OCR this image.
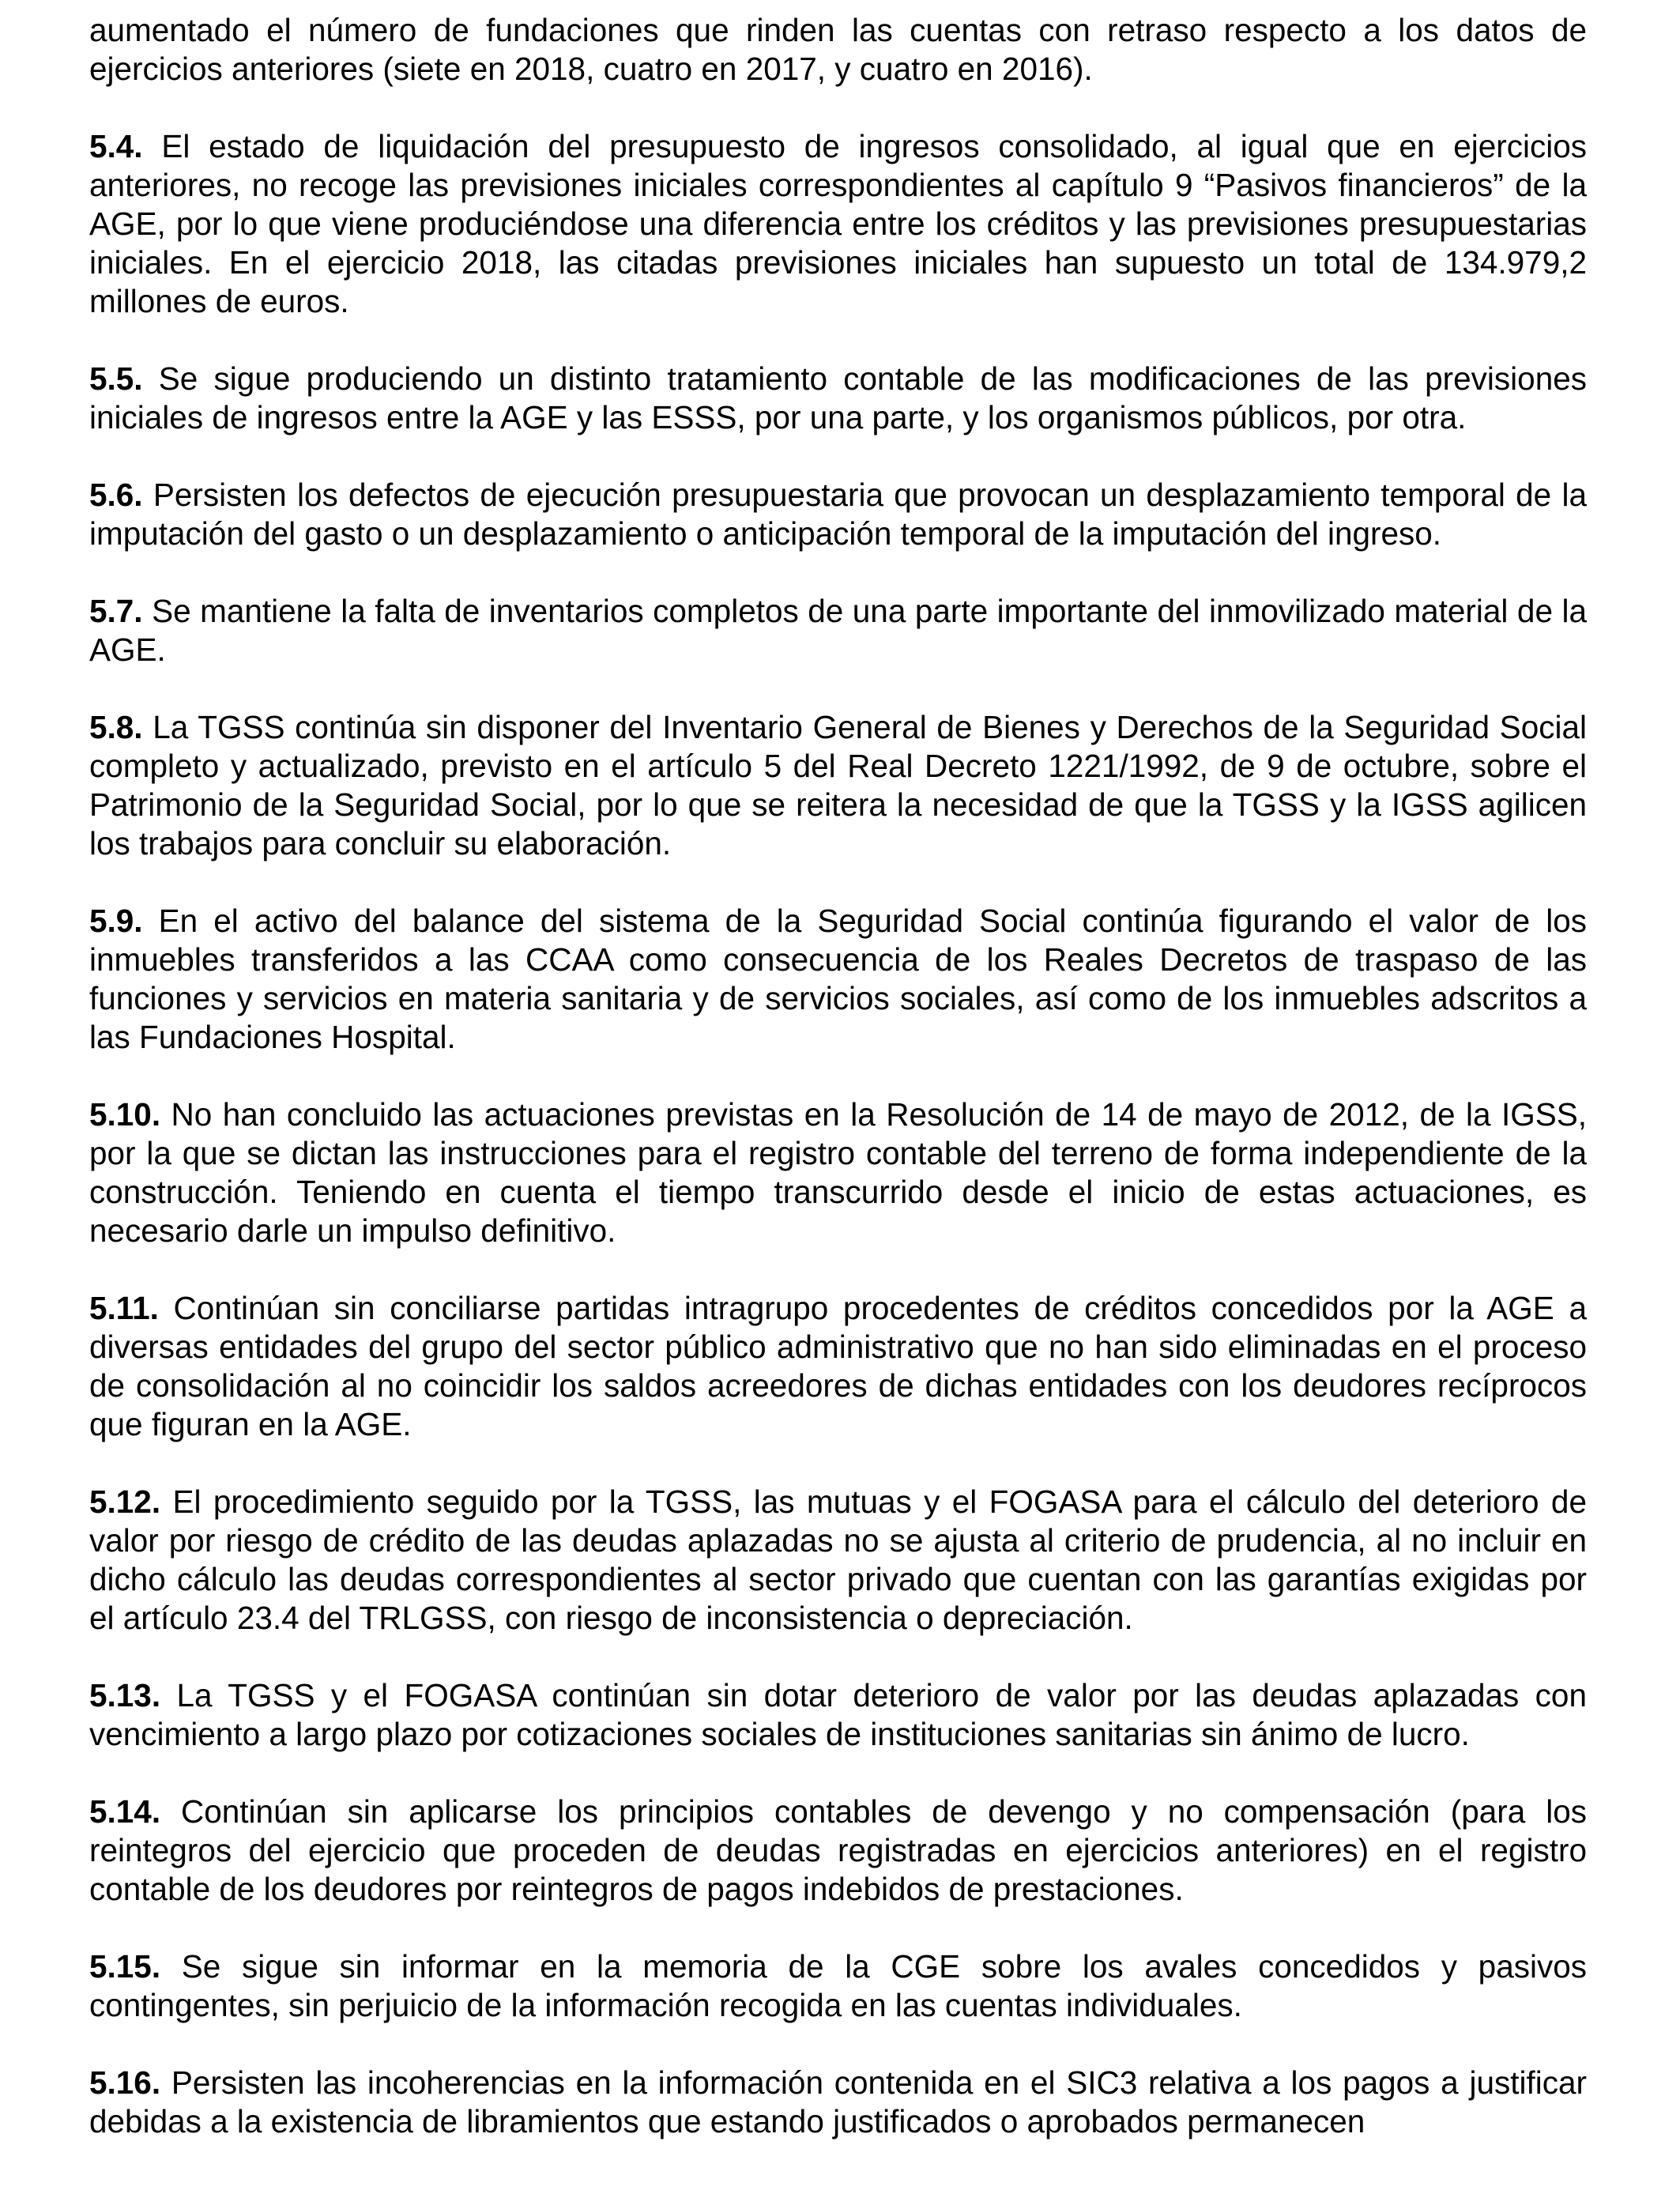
aumentado el número de fundaciones que rinden las cuentas con retraso respecto a los datos de ejercicios anteriores (siete en 2018, cuatro en 2017, y cuatro en 2016).

5.4. El estado de liquidación del presupuesto de ingresos consolidado, al igual que en ejercicios anteriores, no recoge las previsiones iniciales correspondientes al capítulo 9 “Pasivos financieros” de la AGE, por lo que viene produciéndose una diferencia entre los créditos y las previsiones presupuestarias iniciales. En el ejercicio 2018, las citadas previsiones iniciales han supuesto un total de 134.979,2 millones de euros.

5.5. Se sigue produciendo un distinto tratamiento contable de las modificaciones de las previsiones iniciales de ingresos entre la AGE y las ESSS, por una parte, y los organismos públicos, por otra.

5.6. Persisten los defectos de ejecución presupuestaria que provocan un desplazamiento temporal de la imputación del gasto o un desplazamiento o anticipación temporal de la imputación del ingreso.

5.7. Se mantiene la falta de inventarios completos de una parte importante del inmovilizado material de la AGE.

5.8. La TGSS continúa sin disponer del Inventario General de Bienes y Derechos de la Seguridad Social completo y actualizado, previsto en el artículo 5 del Real Decreto 1221/1992, de 9 de octubre, sobre el Patrimonio de la Seguridad Social, por lo que se reitera la necesidad de que la TGSS y la IGSS agilicen los trabajos para concluir su elaboración.

5.9. En el activo del balance del sistema de la Seguridad Social continúa figurando el valor de los inmuebles transferidos a las CCAA como consecuencia de los Reales Decretos de traspaso de las funciones y servicios en materia sanitaria y de servicios sociales, así como de los inmuebles adscritos a las Fundaciones Hospital.

5.10. No han concluido las actuaciones previstas en la Resolución de 14 de mayo de 2012, de la IGSS, por la que se dictan las instrucciones para el registro contable del terreno de forma independiente de la construcción. Teniendo en cuenta el tiempo transcurrido desde el inicio de estas actuaciones, es necesario darle un impulso definitivo.

5.11. Continúan sin conciliarse partidas intragrupo procedentes de créditos concedidos por la AGE a diversas entidades del grupo del sector público administrativo que no han sido eliminadas en el proceso de consolidación al no coincidir los saldos acreedores de dichas entidades con los deudores recíprocos que figuran en la AGE.

5.12. El procedimiento seguido por la TGSS, las mutuas y el FOGASA para el cálculo del deterioro de valor por riesgo de crédito de las deudas aplazadas no se ajusta al criterio de prudencia, al no incluir en dicho cálculo las deudas correspondientes al sector privado que cuentan con las garantías exigidas por el artículo 23.4 del TRLGSS, con riesgo de inconsistencia o depreciación.

5.13. La TGSS y el FOGASA continúan sin dotar deterioro de valor por las deudas aplazadas con vencimiento a largo plazo por cotizaciones sociales de instituciones sanitarias sin ánimo de lucro.

5.14. Continúan sin aplicarse los principios contables de devengo y no compensación (para los reintegros del ejercicio que proceden de deudas registradas en ejercicios anteriores) en el registro contable de los deudores por reintegros de pagos indebidos de prestaciones.

5.15. Se sigue sin informar en la memoria de la CGE sobre los avales concedidos y pasivos contingentes, sin perjuicio de la información recogida en las cuentas individuales.

5.16. Persisten las incoherencias en la información contenida en el SIC3 relativa a los pagos a justificar debidas a la existencia de libramientos que estando justificados o aprobados permanecen
